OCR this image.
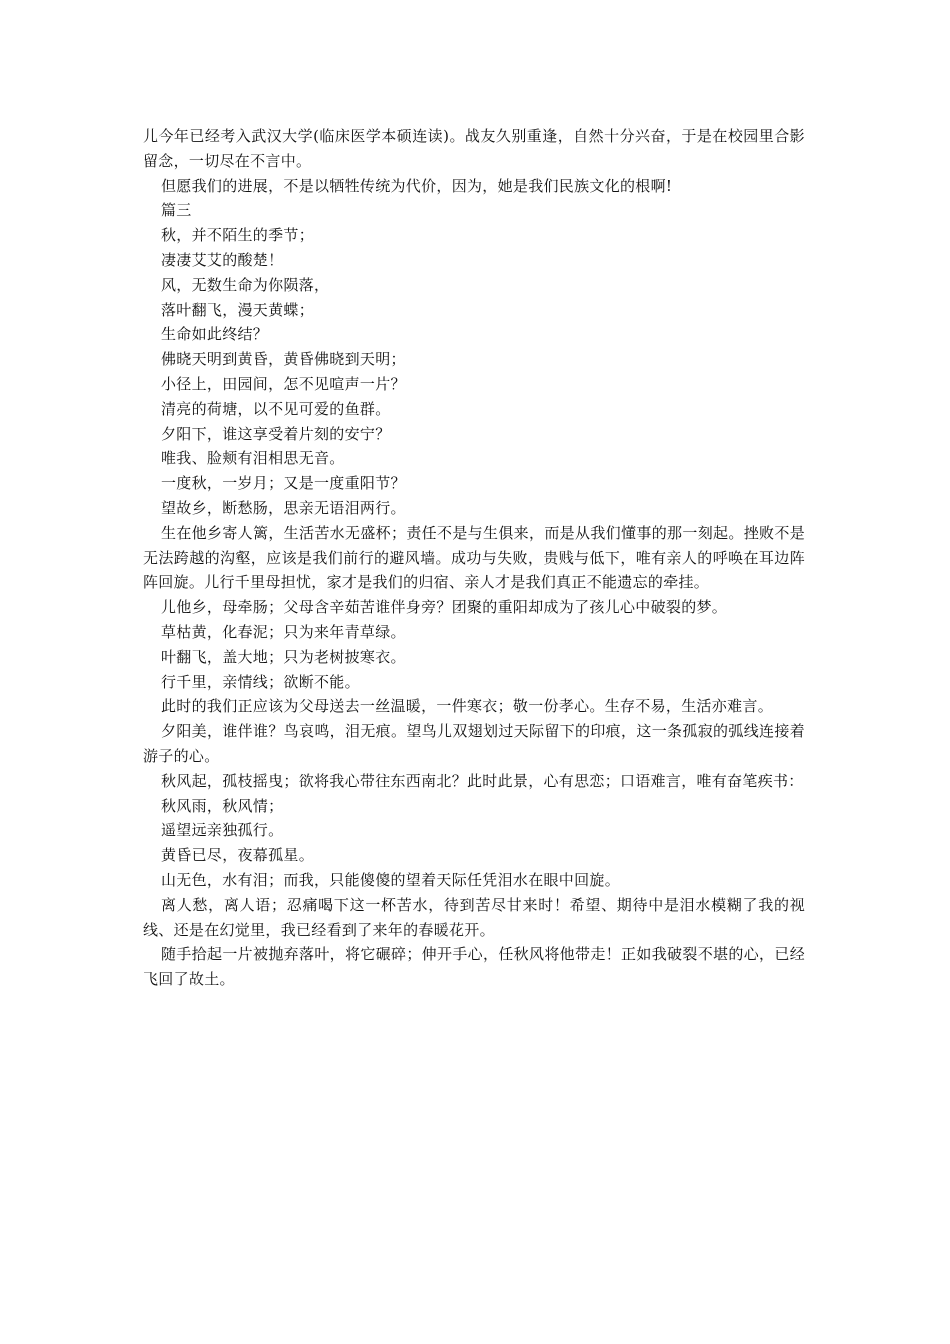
儿今年已经考入武汉大学(临床医学本硕连读)。战友久别重逢，自然十分兴奋，于是在校园里合影留念，一切尽在不言中。

但愿我们的进展，不是以牺牲传统为代价，因为，她是我们民族文化的根啊!

篇三

秋，并不陌生的季节；

凄凄艾艾的酸楚！

风，无数生命为你陨落，

落叶翻飞，漫天黄蝶；

生命如此终结？

佛晓天明到黄昏，黄昏佛晓到天明；

小径上，田园间，怎不见喧声一片？

清亮的荷塘，以不见可爱的鱼群。

夕阳下，谁这享受着片刻的安宁？

唯我、脸颊有泪相思无音。

一度秋，一岁月；又是一度重阳节？

望故乡，断愁肠，思亲无语泪两行。

生在他乡寄人篱，生活苦水无盛杯；责任不是与生俱来，而是从我们懂事的那一刻起。挫败不是无法跨越的沟壑，应该是我们前行的避风墙。成功与失败，贵贱与低下，唯有亲人的呼唤在耳边阵阵回旋。儿行千里母担忧，家才是我们的归宿、亲人才是我们真正不能遗忘的牵挂。

儿他乡，母牵肠；父母含辛茹苦谁伴身旁？团聚的重阳却成为了孩儿心中破裂的梦。

草枯黄，化春泥；只为来年青草绿。

叶翻飞，盖大地；只为老树披寒衣。

行千里，亲情线；欲断不能。

此时的我们正应该为父母送去一丝温暖，一件寒衣；敬一份孝心。生存不易，生活亦难言。

夕阳美，谁伴谁？鸟哀鸣，泪无痕。望鸟儿双翅划过天际留下的印痕，这一条孤寂的弧线连接着游子的心。

秋风起，孤枝摇曳；欲将我心带往东西南北？此时此景，心有思恋；口语难言，唯有奋笔疾书：

秋风雨，秋风情；

遥望远亲独孤行。

黄昏已尽，夜幕孤星。

山无色，水有泪；而我，只能傻傻的望着天际任凭泪水在眼中回旋。

离人愁，离人语；忍痛喝下这一杯苦水，待到苦尽甘来时！希望、期待中是泪水模糊了我的视线、还是在幻觉里，我已经看到了来年的春暖花开。

随手拾起一片被抛弃落叶，将它碾碎；伸开手心，任秋风将他带走！正如我破裂不堪的心，已经飞回了故土。
